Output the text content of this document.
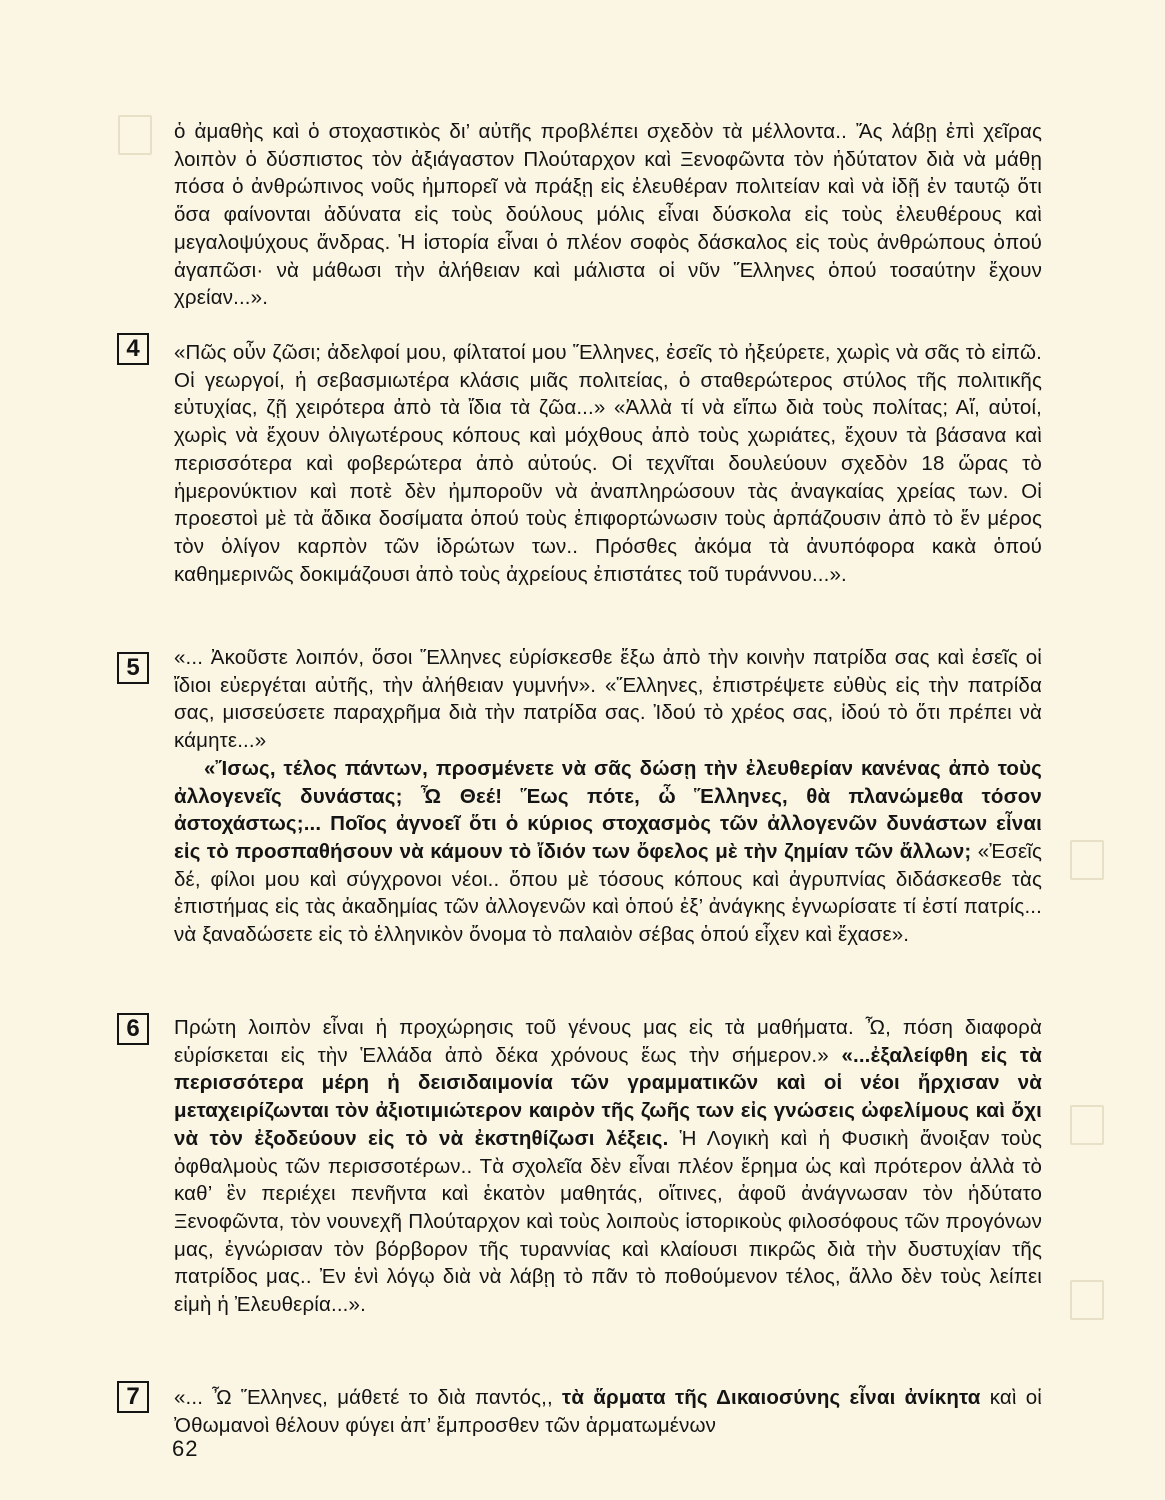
ὁ ἀμαθὴς καὶ ὁ στοχαστικὸς δι’ αὐτῆς προβλέπει σχεδὸν τὰ μέλλοντα.. Ἄς λάβῃ ἐπὶ χεῖρας λοιπὸν ὁ δύσπιστος τὸν ἀξιάγαστον Πλούταρχον καὶ Ξενοφῶντα τὸν ἡδύτατον διὰ νὰ μάθῃ πόσα ὁ ἀνθρώπινος νοῦς ἠμπορεῖ νὰ πράξῃ εἰς ἐλευθέραν πολιτείαν καὶ νὰ ἰδῇ ἐν ταυτῷ ὅτι ὅσα φαίνονται ἀδύνατα εἰς τοὺς δούλους μόλις εἶναι δύσκολα εἰς τοὺς ἐλευθέρους καὶ μεγαλοψύχους ἄνδρας. Ἡ ἱστορία εἶναι ὁ πλέον σοφὸς δάσκαλος εἰς τοὺς ἀνθρώπους ὁπού ἀγαπῶσι· νὰ μάθωσι τὴν ἀλήθειαν καὶ μάλιστα οἱ νῦν Ἕλληνες ὁπού τοσαύτην ἔχουν χρείαν...».

4	«Πῶς οὖν ζῶσι; ἀδελφοί μου, φίλτατοί μου Ἕλληνες, ἐσεῖς τὸ ἠξεύρετε, χωρὶς νὰ σᾶς τὸ εἰπῶ. Οἱ γεωργοί, ἡ σεβασμιωτέρα κλάσις μιᾶς πολιτείας, ὁ σταθερώτερος στύλος τῆς πολιτικῆς εὐτυχίας, ζῇ χειρότερα ἀπὸ τὰ ἴδια τὰ ζῶα...» «Ἀλλὰ τί νὰ εἴπω διὰ τοὺς πολίτας; Αἴ, αὐτοί, χωρὶς νὰ ἔχουν ὀλιγωτέρους κόπους καὶ μόχθους ἀπὸ τοὺς χωριάτες, ἔχουν τὰ βάσανα καὶ περισσότερα καὶ φοβερώτερα ἀπὸ αὐτούς. Οἱ τεχνῖται δουλεύουν σχεδὸν 18 ὥρας τὸ ἡμερονύκτιον καὶ ποτὲ δὲν ἠμποροῦν νὰ ἀναπληρώσουν τὰς ἀναγκαίας χρείας των. Οἱ προεστοὶ μὲ τὰ ἄδικα δοσίματα ὁπού τοὺς ἐπιφορτώνωσιν τοὺς ἁρπάζουσιν ἀπὸ τὸ ἕν μέρος τὸν ὀλίγον καρπὸν τῶν ἱδρώτων των.. Πρόσθες ἀκόμα τὰ ἀνυπόφορα κακὰ ὁπού καθημερινῶς δοκιμάζουσι ἀπὸ τοὺς ἀχρείους ἐπιστάτες τοῦ τυράννου...».

5	«... Ἀκοῦστε λοιπόν, ὅσοι Ἕλληνες εὑρίσκεσθε ἔξω ἀπὸ τὴν κοινὴν πατρίδα σας καὶ ἐσεῖς οἱ ἴδιοι εὐεργέται αὐτῆς, τὴν ἀλήθειαν γυμνήν». «Ἕλληνες, ἐπιστρέψετε εὐθὺς εἰς τὴν πατρίδα σας, μισσεύσετε παραχρῆμα διὰ τὴν πατρίδα σας. Ἰδού τὸ χρέος σας, ἰδού τὸ ὅτι πρέπει νὰ κάμητε...»

«Ἴσως, τέλος πάντων, προσμένετε νὰ σᾶς δώσῃ τὴν ἐλευθερίαν κανένας ἀπὸ τοὺς ἀλλογενεῖς δυνάστας; Ὦ Θεέ! Ἕως πότε, ὦ Ἕλληνες, θὰ πλανώμεθα τόσον ἀστοχάστως;... Ποῖος ἀγνοεῖ ὅτι ὁ κύριος στοχασμὸς τῶν ἀλλογενῶν δυνάστων εἶναι εἰς τὸ προσπαθήσουν νὰ κάμουν τὸ ἴδιόν των ὄφελος μὲ τὴν ζημίαν τῶν ἄλλων; «Ἐσεῖς δέ, φίλοι μου καὶ σύγχρονοι νέοι.. ὅπου μὲ τόσους κόπους καὶ ἀγρυπνίας διδάσκεσθε τὰς ἐπιστήμας εἰς τὰς ἀκαδημίας τῶν ἀλλογενῶν καὶ ὁπού ἐξ’ ἀνάγκης ἐγνωρίσατε τί ἐστί πατρίς... νὰ ξαναδώσετε εἰς τὸ ἑλληνικὸν ὄνομα τὸ παλαιὸν σέβας ὁπού εἶχεν καὶ ἔχασε».

6	Πρώτη λοιπὸν εἶναι ἡ προχώρησις τοῦ γένους μας εἰς τὰ μαθήματα. Ὦ, πόση διαφορὰ εὑρίσκεται εἰς τὴν Ἑλλάδα ἀπὸ δέκα χρόνους ἕως τὴν σήμερον.» «...ἐξαλείφθη εἰς τὰ περισσότερα μέρη ἡ δεισιδαιμονία τῶν γραμματικῶν καὶ οἱ νέοι ἤρχισαν νὰ μεταχειρίζωνται τὸν ἀξιοτιμιώτερον καιρὸν τῆς ζωῆς των εἰς γνώσεις ὠφελίμους καὶ ὄχι νὰ τὸν ἐξοδεύουν εἰς τὸ νὰ ἐκστηθίζωσι λέξεις. Ἡ Λογικὴ καὶ ἡ Φυσικὴ ἄνοιξαν τοὺς ὀφθαλμοὺς τῶν περισσοτέρων.. Τὰ σχολεῖα δὲν εἶναι πλέον ἔρημα ὡς καὶ πρότερον ἀλλὰ τὸ καθ’ ἓν περιέχει πενῆντα καὶ ἑκατὸν μαθητάς, οἵτινες, ἀφοῦ ἀνάγνωσαν τὸν ἡδύτατο Ξενοφῶντα, τὸν νουνεχῆ Πλούταρχον καὶ τοὺς λοιποὺς ἱστορικοὺς φιλοσόφους τῶν προγόνων μας, ἐγνώρισαν τὸν βόρβορον τῆς τυραννίας καὶ κλαίουσι πικρῶς διὰ τὴν δυστυχίαν τῆς πατρίδος μας.. Ἐν ἑνὶ λόγῳ διὰ νὰ λάβῃ τὸ πᾶν τὸ ποθούμενον τέλος, ἄλλο δὲν τοὺς λείπει εἰμὴ ἡ Ἐλευθερία...».

7	«... Ὦ Ἕλληνες, μάθετέ το διὰ παντός,, τὰ ἅρματα τῆς Δικαιοσύνης εἶναι ἀνίκητα καὶ οἱ Ὀθωμανοὶ θέλουν φύγει ἀπ’ ἔμπροσθεν τῶν ἁρματωμένων

62
